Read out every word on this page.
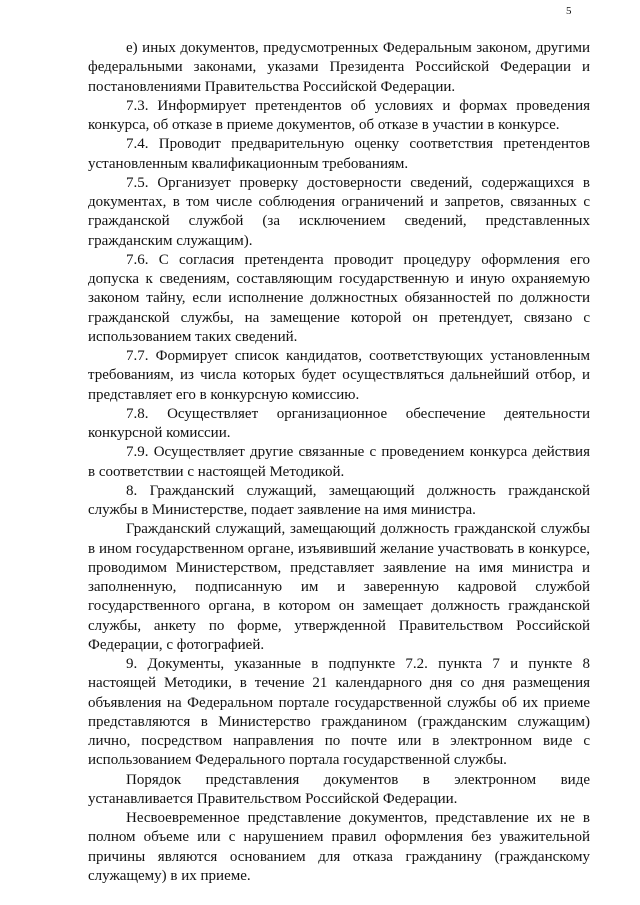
5

е) иных документов, предусмотренных Федеральным законом, другими федеральными законами, указами Президента Российской Федерации и постановлениями Правительства Российской Федерации.

7.3. Информирует претендентов об условиях и формах проведения конкурса, об отказе в приеме документов, об отказе в участии в конкурсе.

7.4. Проводит предварительную оценку соответствия претендентов установленным квалификационным требованиям.

7.5. Организует проверку достоверности сведений, содержащихся в документах, в том числе соблюдения ограничений и запретов, связанных с гражданской службой (за исключением сведений, представленных гражданским служащим).

7.6. С согласия претендента проводит процедуру оформления его допуска к сведениям, составляющим государственную и иную охраняемую законом тайну, если исполнение должностных обязанностей по должности гражданской службы, на замещение которой он претендует, связано с использованием таких сведений.

7.7. Формирует список кандидатов, соответствующих установленным требованиям, из числа которых будет осуществляться дальнейший отбор, и представляет его в конкурсную комиссию.

7.8. Осуществляет организационное обеспечение деятельности конкурсной комиссии.

7.9. Осуществляет другие связанные с проведением конкурса действия в соответствии с настоящей Методикой.

8. Гражданский служащий, замещающий должность гражданской службы в Министерстве, подает заявление на имя министра.

Гражданский служащий, замещающий должность гражданской службы в ином государственном органе, изъявивший желание участвовать в конкурсе, проводимом Министерством, представляет заявление на имя министра и заполненную, подписанную им и заверенную кадровой службой государственного органа, в котором он замещает должность гражданской службы, анкету по форме, утвержденной Правительством Российской Федерации, с фотографией.

9. Документы, указанные в подпункте 7.2. пункта 7 и пункте 8 настоящей Методики, в течение 21 календарного дня со дня размещения объявления на Федеральном портале государственной службы об их приеме представляются в Министерство гражданином (гражданским служащим) лично, посредством направления по почте или в электронном виде с использованием Федерального портала государственной службы.

Порядок представления документов в электронном виде устанавливается Правительством Российской Федерации.

Несвоевременное представление документов, представление их не в полном объеме или с нарушением правил оформления без уважительной причины являются основанием для отказа гражданину (гражданскому служащему) в их приеме.
